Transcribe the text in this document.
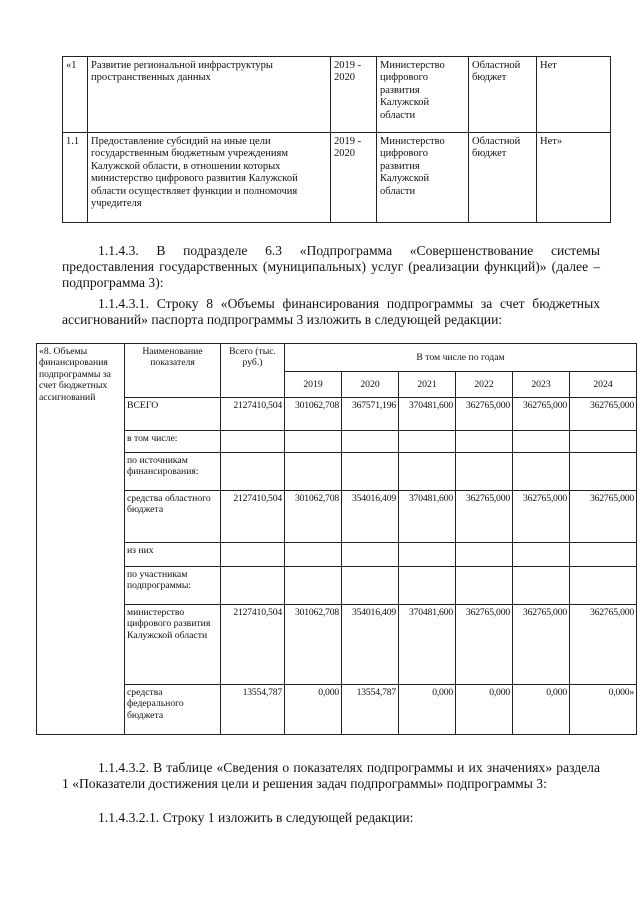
«1	Развитие региональной инфраструктуры пространственных данных	2019 - 2020	Министерство цифрового развития Калужской области	Областной бюджет	Нет
1.1	Предоставление субсидий на иные цели государственным бюджетным учреждениям Калужской области, в отношении которых министерство цифрового развития Калужской области осуществляет функции и полномочия учредителя	2019 - 2020	Министерство цифрового развития Калужской области	Областной бюджет	Нет»
1.1.4.3. В подразделе 6.3 «Подпрограмма «Совершенствование системы предоставления государственных (муниципальных) услуг (реализации функций)» (далее – подпрограмма 3):
1.1.4.3.1. Строку 8 «Объемы финансирования подпрограммы за счет бюджетных ассигнований» паспорта подпрограммы 3 изложить в следующей редакции:
«8. Объемы финансирования подпрограммы за счет бюджетных ассигнований	Наименование показателя	Всего (тыс. руб.)	В том числе по годам					
			2019	2020	2021	2022	2023	2024
	ВСЕГО	2127410,504	301062,708	367571,196	370481,600	362765,000	362765,000	362765,000
	в том числе:							
	по источникам финансирования:							
	средства областного бюджета	2127410,504	301062,708	354016,409	370481,600	362765,000	362765,000	362765,000
	из них							
	по участникам подпрограммы:							
	министерство цифрового развития Калужской области	2127410,504	301062,708	354016,409	370481,600	362765,000	362765,000	362765,000
	средства федерального бюджета	13554,787	0,000	13554,787	0,000	0,000	0,000	0,000»
1.1.4.3.2. В таблице «Сведения о показателях подпрограммы и их значениях» раздела 1 «Показатели достижения цели и решения задач подпрограммы» подпрограммы 3:
1.1.4.3.2.1. Строку 1 изложить в следующей редакции:
